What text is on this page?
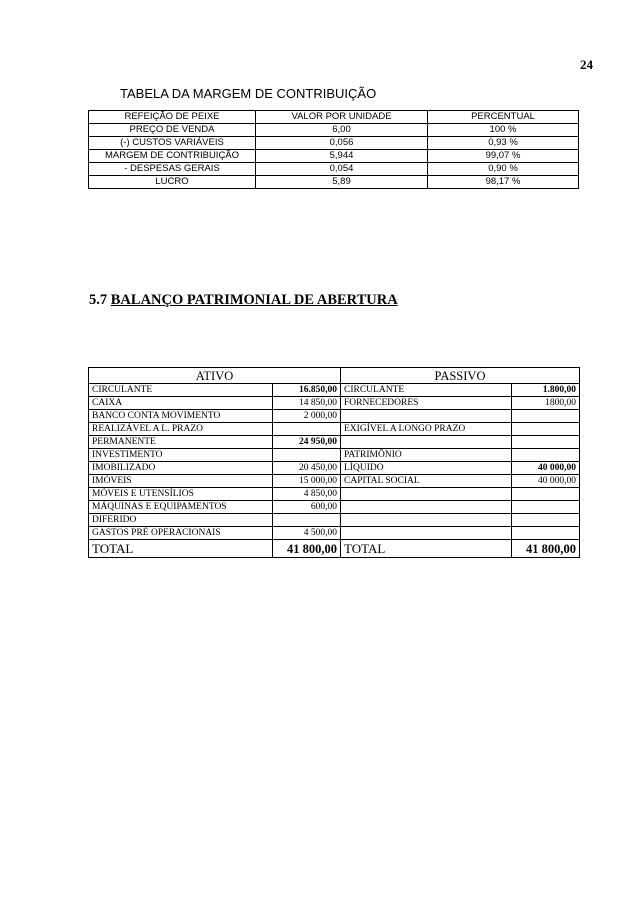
24
TABELA DA MARGEM DE CONTRIBUIÇÃO
REFEIÇÃO DE PEIXE	VALOR POR UNIDADE	PERCENTUAL
PREÇO DE VENDA	6,00	100 %
(-) CUSTOS VARIÁVEIS	0,056	0,93 %
MARGEM DE CONTRIBUIÇÃO	5,944	99,07 %
- DESPESAS GERAIS	0,054	0,90 %
LUCRO	5,89	98,17 %
5.7 BALANÇO PATRIMONIAL DE ABERTURA
ATIVO		PASSIVO	
CIRCULANTE	16.850,00	CIRCULANTE	1.800,00
CAIXA	14 850,00	FORNECEDORES	1800,00
BANCO CONTA MOVIMENTO	2 000,00		
REALIZÁVEL A L. PRAZO		EXIGÍVEL A LONGO PRAZO	
PERMANENTE	24 950,00		
INVESTIMENTO		PATRIMÔNIO	
IMOBILIZADO	20 450,00	LÍQUIDO	40 000,00
IMÓVEIS	15 000,00	CAPITAL SOCIAL	40 000,00
MÓVEIS E UTENSÍLIOS	4 850,00		
MÁQUINAS E EQUIPAMENTOS	600,00		
DIFERIDO			
GASTOS PRÉ OPERACIONAIS	4 500,00		
TOTAL	41 800,00	TOTAL	41 800,00
